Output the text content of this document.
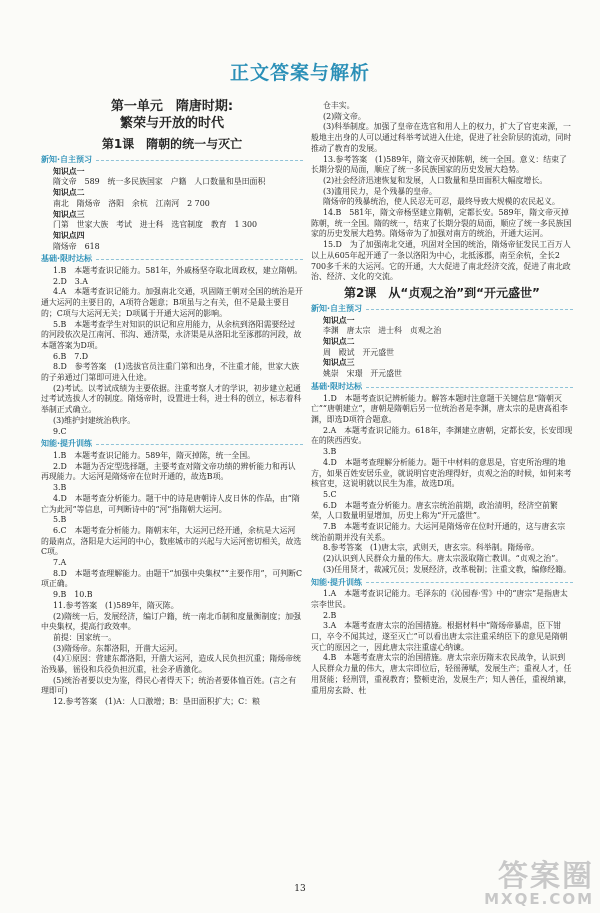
正文答案与解析
第一单元　隋唐时期:
繁荣与开放的时代
第1课　隋朝的统一与灭亡
新知·自主预习
知识点一

隋文帝　589　统一多民族国家　户籍　人口数量和垦田面积

知识点二

南北　隋炀帝　洛阳　余杭　江南河　2 700

知识点三

门第　世家大族　考试　进士科　选官制度　教育　1 300

知识点四

隋炀帝　618

基础·限时达标

1.B　本题考查识记能力。581年，外戚杨坚夺取北周政权，建立隋朝。

2.D　3.A

4.A　本题考查识记能力。加强南北交通，巩固隋王朝对全国的统治是开通大运河的主要目的，A项符合题意；B项虽与之有关，但不是最主要目的；C项与大运河无关；D项属于开通大运河的影响。

5.B　本题考查学生对知识的识记和应用能力，从余杭到洛阳需要经过的河段依次是江南河、邗沟、通济渠，永济渠是从洛阳北至涿郡的河段，故本题答案为D项。

6.B　7.D

8.D　参考答案　(1)选拔官员注重门第和出身，不注重才能，世家大族的子弟通过门第即可进入仕途。

(2)考试。以考试成绩为主要依据。注重考察人才的学识，初步建立起通过考试选拔人才的制度。隋炀帝时，设置进士科，进士科的创立，标志着科举制正式确立。

(3)维护封建统治秩序。

9.C

知能·提升训练

1.B　本题考查识记能力。589年，隋灭掉陈，统一全国。

2.D　本题为否定型选择题，主要考查对隋文帝功绩的辨析能力和再认再现能力。大运河是隋炀帝在位时开通的，故选B项。

3.B

4.D　本题考查分析能力。题干中的诗是唐朝诗人皮日休的作品，由“隋亡为此河”等信息，可判断诗中的“河”指隋朝大运河。

5.B

6.C　本题考查分析能力。隋朝末年，大运河已经开通，余杭是大运河的最南点，洛阳是大运河的中心，数座城市的兴起与大运河密切相关，故选C项。

7.A

8.D　本题考查理解能力。由题干“加强中央集权”“主要作用”，可判断C项正确。

9.B　10.B

11.参考答案　(1)589年，隋灭陈。

(2)隋统一后，发展经济，编订户籍，统一南北币制和度量衡制度；加强中央集权，提高行政效率。

前提：国家统一。

(3)隋炀帝。东都洛阳，开凿大运河。

(4)①原因：营建东都洛阳，开凿大运河，造成人民负担沉重；隋炀帝统治残暴，徭役和兵役负担沉重，社会矛盾激化。

(5)统治者要以史为鉴，得民心者得天下；统治者要体恤百姓。(言之有理即可)

12.参考答案　(1)A：人口激增；B：垦田面积扩大；C：粮

仓丰实。

(2)隋文帝。

(3)科举制度。加强了皇帝在选官和用人上的权力，扩大了官吏来源，一般地主出身的人可以通过科举考试进入仕途，促进了社会阶层的流动，同时推动了教育的发展。

13.参考答案　(1)589年，隋文帝灭掉陈朝，统一全国。意义：结束了长期分裂的局面，顺应了统一多民族国家的历史发展大趋势。

(2)社会经济迅速恢复和发展，人口数量和垦田面积大幅度增长。

(3)滥用民力，是个残暴的皇帝。

隋炀帝的残暴统治，使人民忍无可忍，最终导致大规模的农民起义。

14.B　581年，隋文帝杨坚建立隋朝，定都长安。589年，隋文帝灭掉陈朝，统一全国。隋的统一，结束了长期分裂的局面，顺应了统一多民族国家的历史发展大趋势。隋炀帝为了加强对南方的统治，开通大运河。

15.D　为了加强南北交通，巩固对全国的统治，隋炀帝征发民工百万人以上从605年起开通了一条以洛阳为中心，北抵涿郡，南至余杭，全长2 700多千米的大运河。它的开通，大大促进了南北经济交流，促进了南北政治、经济、文化的交流。

第2课　从“贞观之治”到“开元盛世”
新知·自主预习
知识点一

李渊　唐太宗　进士科　贞观之治

知识点二

周　殿试　开元盛世

知识点三

姚崇　宋璟　开元盛世

基础·限时达标

1.D　本题考查识记辨析能力。解答本题时注意题干关键信息“隋朝灭亡”“唐朝建立”，唐朝是隋朝后另一位统治者是李渊，唐太宗的是唐高祖李渊，即选D项符合题意。

2.A　本题考查识记能力。618年，李渊建立唐朝，定都长安，长安即现在的陕西西安。

3.B

4.D　本题考查理解分析能力。题干中材料的意思是，官吏所治理的地方，如果百姓安居乐业，就说明官吏治理得好，贞观之治的时候，如何来考核官吏，这说明就以民生为准，故选D项。

5.C

6.D　本题考查分析能力。唐玄宗统治前期，政治清明，经济空前繁荣，人口数量明显增加，历史上称为“开元盛世”。

7.B　本题考查识记能力。大运河是隋炀帝在位时开通的，这与唐玄宗统治前期并没有关系。

8.参考答案　(1)唐太宗，武则天，唐玄宗。科举制。隋炀帝。

(2)认识到人民群众力量的伟大。唐太宗汲取隋亡教训。“贞观之治”。

(3)任用贤才，裁减冗员；发展经济，改革税制；注重文教，编修经籍。

知能·提升训练

1.A　本题考查识记能力。毛泽东的《沁园春·雪》中的“唐宗”是指唐太宗李世民。

2.B

3.A　本题考查唐太宗的治国措施。根据材料中“隋炀帝暴虐，臣下钳口，卒令不闻其过，遂至灭亡”可以看出唐太宗注重采纳臣下的意见是隋朝灭亡的原因之一，因此唐太宗注重虚心纳谏。

4.B　本题考查唐太宗的治国措施。唐太宗亲历隋末农民战争，认识到人民群众力量的伟大，唐太宗即位后，轻徭薄赋，发展生产；重视人才，任用贤能；轻刑罚，重视教育；整顿吏治，发展生产；知人善任，重视纳谏，重用房玄龄、杜

13	答案圈
MXQE.COM
